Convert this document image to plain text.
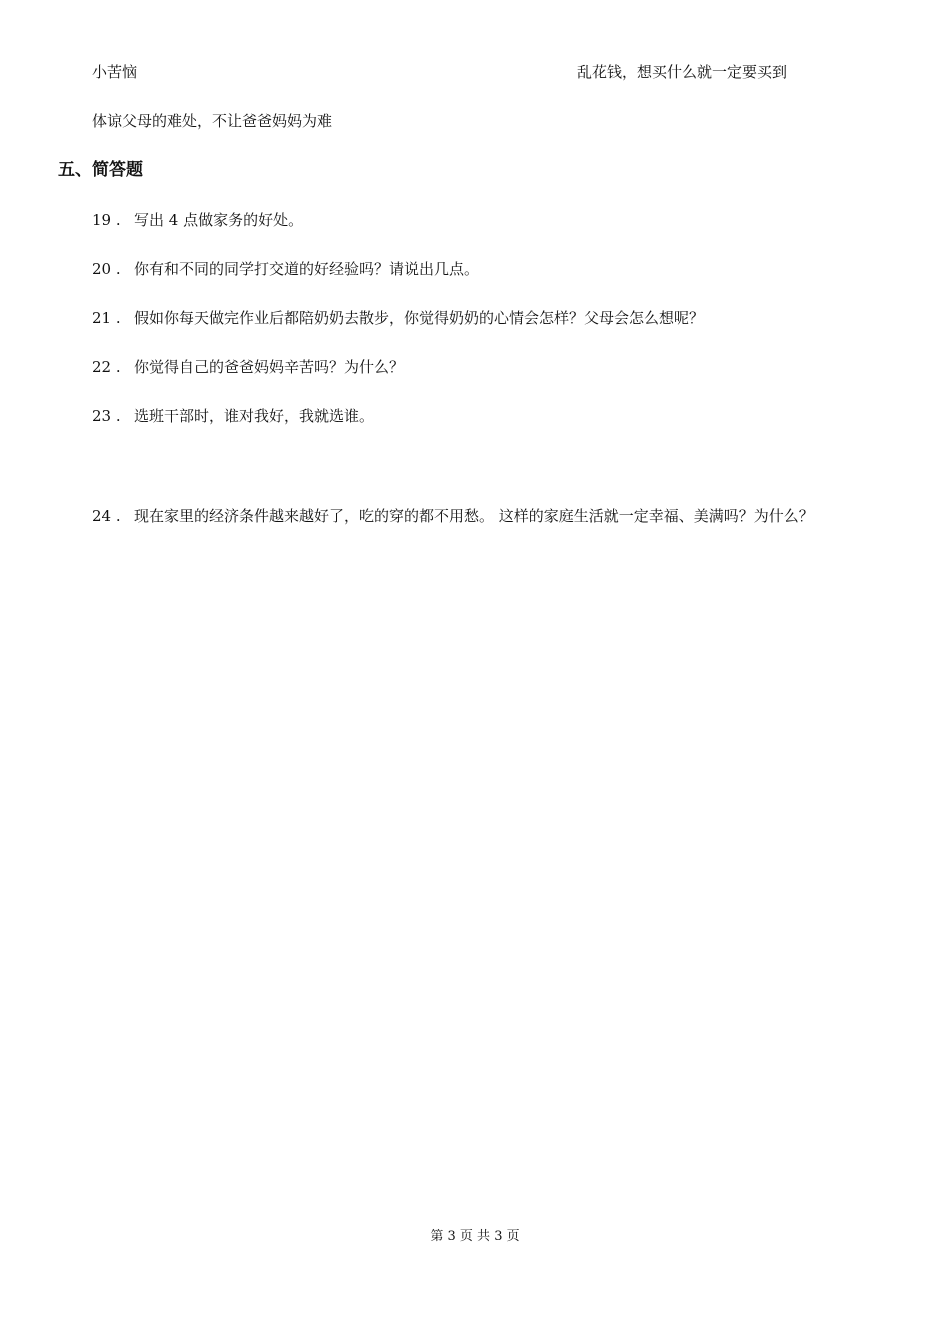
小苦恼	乱花钱，想买什么就一定要买到
体谅父母的难处，不让爸爸妈妈为难
五、简答题
19 . 写出 4 点做家务的好处。
20 . 你有和不同的同学打交道的好经验吗？请说出几点。
21 . 假如你每天做完作业后都陪奶奶去散步，你觉得奶奶的心情会怎样？父母会怎么想呢？
22 . 你觉得自己的爸爸妈妈辛苦吗？为什么？
23 . 选班干部时，谁对我好，我就选谁。
24 . 现在家里的经济条件越来越好了，吃的穿的都不用愁。 这样的家庭生活就一定幸福、美满吗？为什么？
第 3 页 共 3 页
